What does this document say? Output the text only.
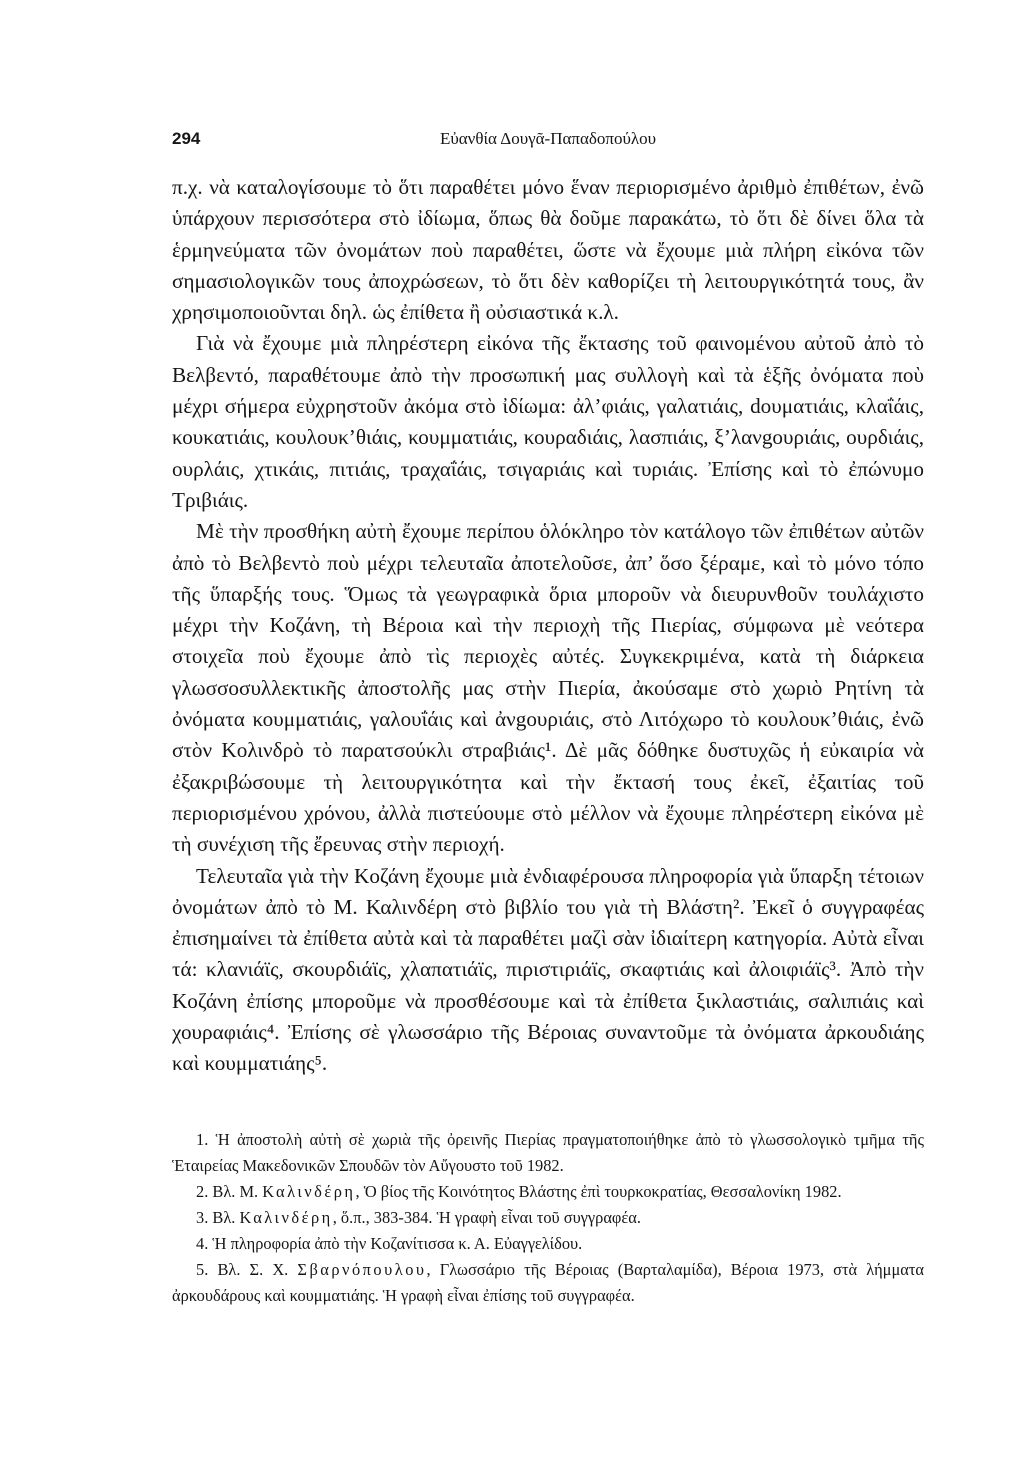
294	Εὐανθία Δουγᾶ-Παπαδοπούλου

π.χ. νὰ καταλογίσουμε τὸ ὅτι παραθέτει μόνο ἕναν περιορισμένο ἀριθμὸ ἐπιθέτων, ἐνῶ ὑπάρχουν περισσότερα στὸ ἰδίωμα, ὅπως θὰ δοῦμε παρακάτω, τὸ ὅτι δὲ δίνει ὅλα τὰ ἑρμηνεύματα τῶν ὀνομάτων ποὺ παραθέτει, ὥστε νὰ ἔχουμε μιὰ πλήρη εἰκόνα τῶν σημασιολογικῶν τους ἀποχρώσεων, τὸ ὅτι δὲν καθορίζει τὴ λειτουργικότητά τους, ἂν χρησιμοποιοῦνται δηλ. ὡς ἐπίθετα ἢ οὐσιαστικά κ.λ.

Γιὰ νὰ ἔχουμε μιὰ πληρέστερη εἰκόνα τῆς ἔκτασης τοῦ φαινομένου αὐτοῦ ἀπὸ τὸ Βελβεντό, παραθέτουμε ἀπὸ τὴν προσωπική μας συλλογὴ καὶ τὰ ἑξῆς ὀνόματα ποὺ μέχρι σήμερα εὐχρηστοῦν ἀκόμα στὸ ἰδίωμα: ἀλ’φιάις, γαλατιάις, dουματιάις, κλαΐάις, κουκατιάις, κουλουκ’θιάις, κουμματιάις, κουραδιάις, λασπιάις, ξ’λανgουριάις, ουρδιάις, ουρλάις, χτικάις, πιτιάις, τραχαΐάις, τσιγαριάις καὶ τυριάις. Ἐπίσης καὶ τὸ ἐπώνυμο Τριβιάις.

Μὲ τὴν προσθήκη αὐτὴ ἔχουμε περίπου ὁλόκληρο τὸν κατάλογο τῶν ἐπιθέτων αὐτῶν ἀπὸ τὸ Βελβεντὸ ποὺ μέχρι τελευταῖα ἀποτελοῦσε, ἀπ’ ὅσο ξέραμε, καὶ τὸ μόνο τόπο τῆς ὕπαρξής τους. Ὅμως τὰ γεωγραφικὰ ὅρια μποροῦν νὰ διευρυνθοῦν τουλάχιστο μέχρι τὴν Κοζάνη, τὴ Βέροια καὶ τὴν περιοχὴ τῆς Πιερίας, σύμφωνα μὲ νεότερα στοιχεῖα ποὺ ἔχουμε ἀπὸ τὶς περιοχὲς αὐτές. Συγκεκριμένα, κατὰ τὴ διάρκεια γλωσσοσυλλεκτικῆς ἀποστολῆς μας στὴν Πιερία, ἀκούσαμε στὸ χωριὸ Ρητίνη τὰ ὀνόματα κουμματιάις, γαλουΐάις καὶ ἀνgουριάις, στὸ Λιτόχωρο τὸ κουλουκ’θιάις, ἐνῶ στὸν Κολινδρὸ τὸ παρατσούκλι στραβιάις¹. Δὲ μᾶς δόθηκε δυστυχῶς ἡ εὐκαιρία νὰ ἐξακριβώσουμε τὴ λειτουργικότητα καὶ τὴν ἔκτασή τους ἐκεῖ, ἐξαιτίας τοῦ περιορισμένου χρόνου, ἀλλὰ πιστεύουμε στὸ μέλλον νὰ ἔχουμε πληρέστερη εἰκόνα μὲ τὴ συνέχιση τῆς ἔρευνας στὴν περιοχή.

Τελευταῖα γιὰ τὴν Κοζάνη ἔχουμε μιὰ ἐνδιαφέρουσα πληροφορία γιὰ ὕπαρξη τέτοιων ὀνομάτων ἀπὸ τὸ Μ. Καλινδέρη στὸ βιβλίο του γιὰ τὴ Βλάστη². Ἐκεῖ ὁ συγγραφέας ἐπισημαίνει τὰ ἐπίθετα αὐτὰ καὶ τὰ παραθέτει μαζὶ σὰν ἰδιαίτερη κατηγορία. Αὐτὰ εἶναι τά: κλανιάϊς, σκουρδιάϊς, χλαπατιάϊς, πιριστιριάϊς, σκαφτιάις καὶ ἀλοιφιάϊς³. Ἀπὸ τὴν Κοζάνη ἐπίσης μποροῦμε νὰ προσθέσουμε καὶ τὰ ἐπίθετα ξικλαστιάις, σαλιπιάις καὶ χουραφιάις⁴. Ἐπίσης σὲ γλωσσάριο τῆς Βέροιας συναντοῦμε τὰ ὀνόματα ἀρκουδιάης καὶ κουμματιάης⁵.

1. Ἡ ἀποστολὴ αὐτὴ σὲ χωριὰ τῆς ὀρεινῆς Πιερίας πραγματοποιήθηκε ἀπὸ τὸ γλωσσολογικὸ τμῆμα τῆς Ἑταιρείας Μακεδονικῶν Σπουδῶν τὸν Αὔγουστο τοῦ 1982.

2. Βλ. Μ. Καλινδέρη, Ὁ βίος τῆς Κοινότητος Βλάστης ἐπὶ τουρκοκρατίας, Θεσσαλονίκη 1982.

3. Βλ. Καλινδέρη, ὅ.π., 383-384. Ἡ γραφὴ εἶναι τοῦ συγγραφέα.

4. Ἡ πληροφορία ἀπὸ τὴν Κοζανίτισσα κ. Α. Εὐαγγελίδου.

5. Βλ. Σ. Χ. Σβαρνόπουλου, Γλωσσάριο τῆς Βέροιας (Βαρταλαμίδα), Βέροια 1973, στὰ λήμματα ἀρκουδάρους καὶ κουμματιάης. Ἡ γραφὴ εἶναι ἐπίσης τοῦ συγγραφέα.
